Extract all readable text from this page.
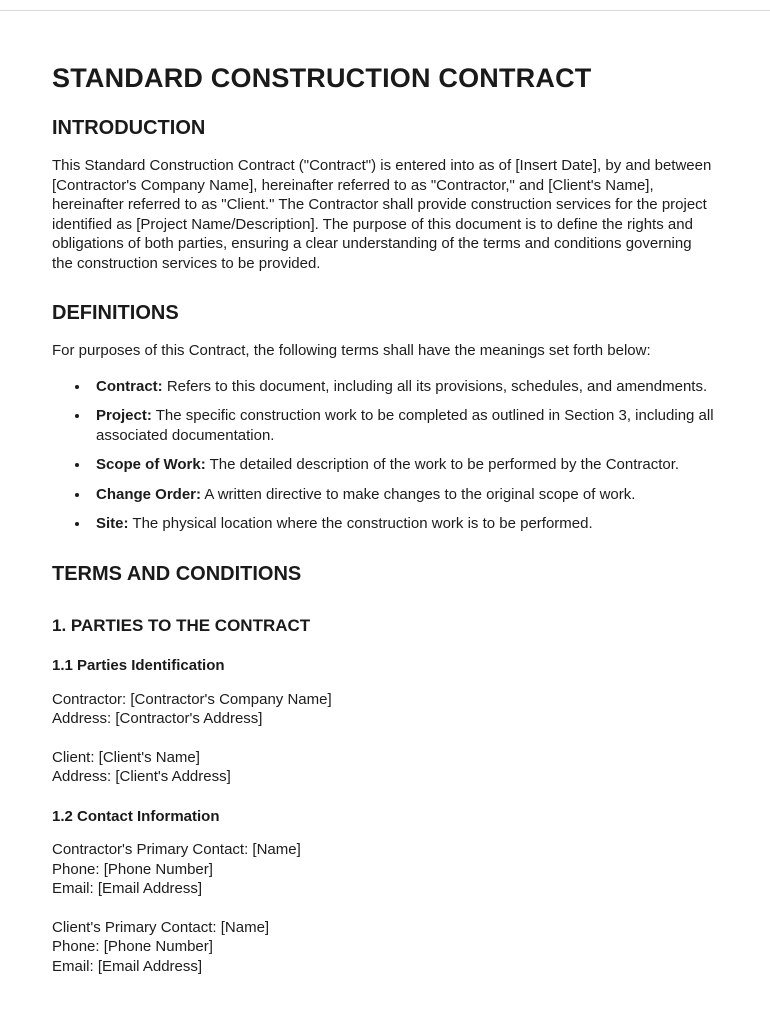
STANDARD CONSTRUCTION CONTRACT
INTRODUCTION

This Standard Construction Contract ("Contract") is entered into as of [Insert Date], by and between [Contractor's Company Name], hereinafter referred to as "Contractor," and [Client's Name], hereinafter referred to as "Client." The Contractor shall provide construction services for the project identified as [Project Name/Description]. The purpose of this document is to define the rights and obligations of both parties, ensuring a clear understanding of the terms and conditions governing the construction services to be provided.

DEFINITIONS

For purposes of this Contract, the following terms shall have the meanings set forth below:

• Contract: Refers to this document, including all its provisions, schedules, and amendments.
• Project: The specific construction work to be completed as outlined in Section 3, including all associated documentation.
• Scope of Work: The detailed description of the work to be performed by the Contractor.
• Change Order: A written directive to make changes to the original scope of work.
• Site: The physical location where the construction work is to be performed.
TERMS AND CONDITIONS
1. PARTIES TO THE CONTRACT
1.1 Parties Identification
Contractor: [Contractor's Company Name]
Address: [Contractor's Address]
Client: [Client's Name]
Address: [Client's Address]
1.2 Contact Information
Contractor's Primary Contact: [Name]
Phone: [Phone Number]
Email: [Email Address]
Client's Primary Contact: [Name]
Phone: [Phone Number]
Email: [Email Address]
